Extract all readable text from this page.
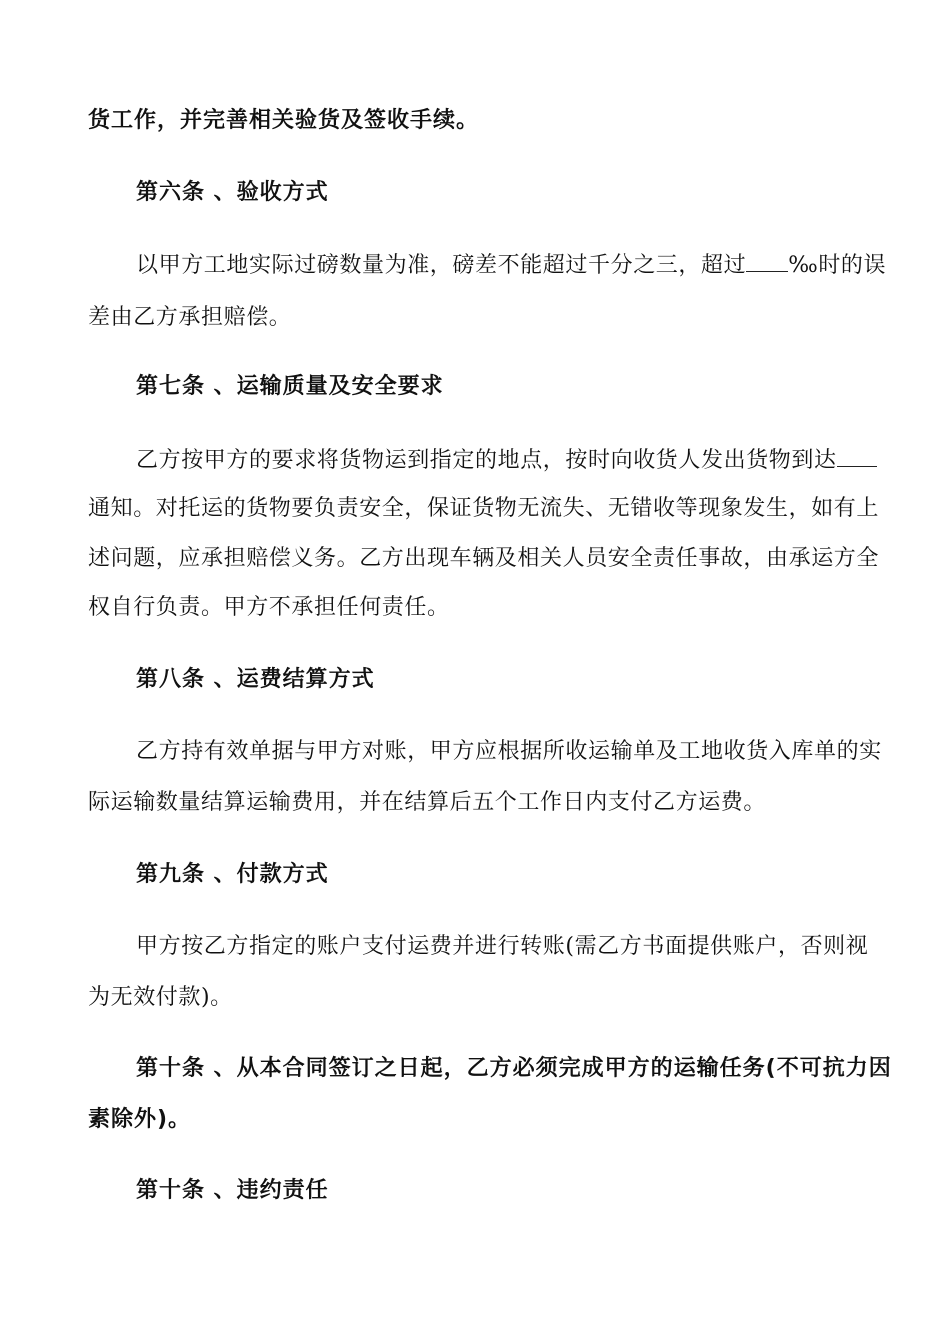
货工作，并完善相关验货及签收手续。
第六条 、验收方式
以甲方工地实际过磅数量为准，磅差不能超过千分之三，超过 ‰时的误
差由乙方承担赔偿。
第七条 、运输质量及安全要求
乙方按甲方的要求将货物运到指定的地点，按时向收货人发出货物到达
通知。对托运的货物要负责安全，保证货物无流失、无错收等现象发生，如有上
述问题，应承担赔偿义务。乙方出现车辆及相关人员安全责任事故，由承运方全
权自行负责。甲方不承担任何责任。
第八条 、运费结算方式
乙方持有效单据与甲方对账，甲方应根据所收运输单及工地收货入库单的实
际运输数量结算运输费用，并在结算后五个工作日内支付乙方运费。
第九条 、付款方式
甲方按乙方指定的账户支付运费并进行转账(需乙方书面提供账户，否则视
为无效付款)。
第十条 、从本合同签订之日起，乙方必须完成甲方的运输任务(不可抗力因
素除外)。
第十条 、违约责任
